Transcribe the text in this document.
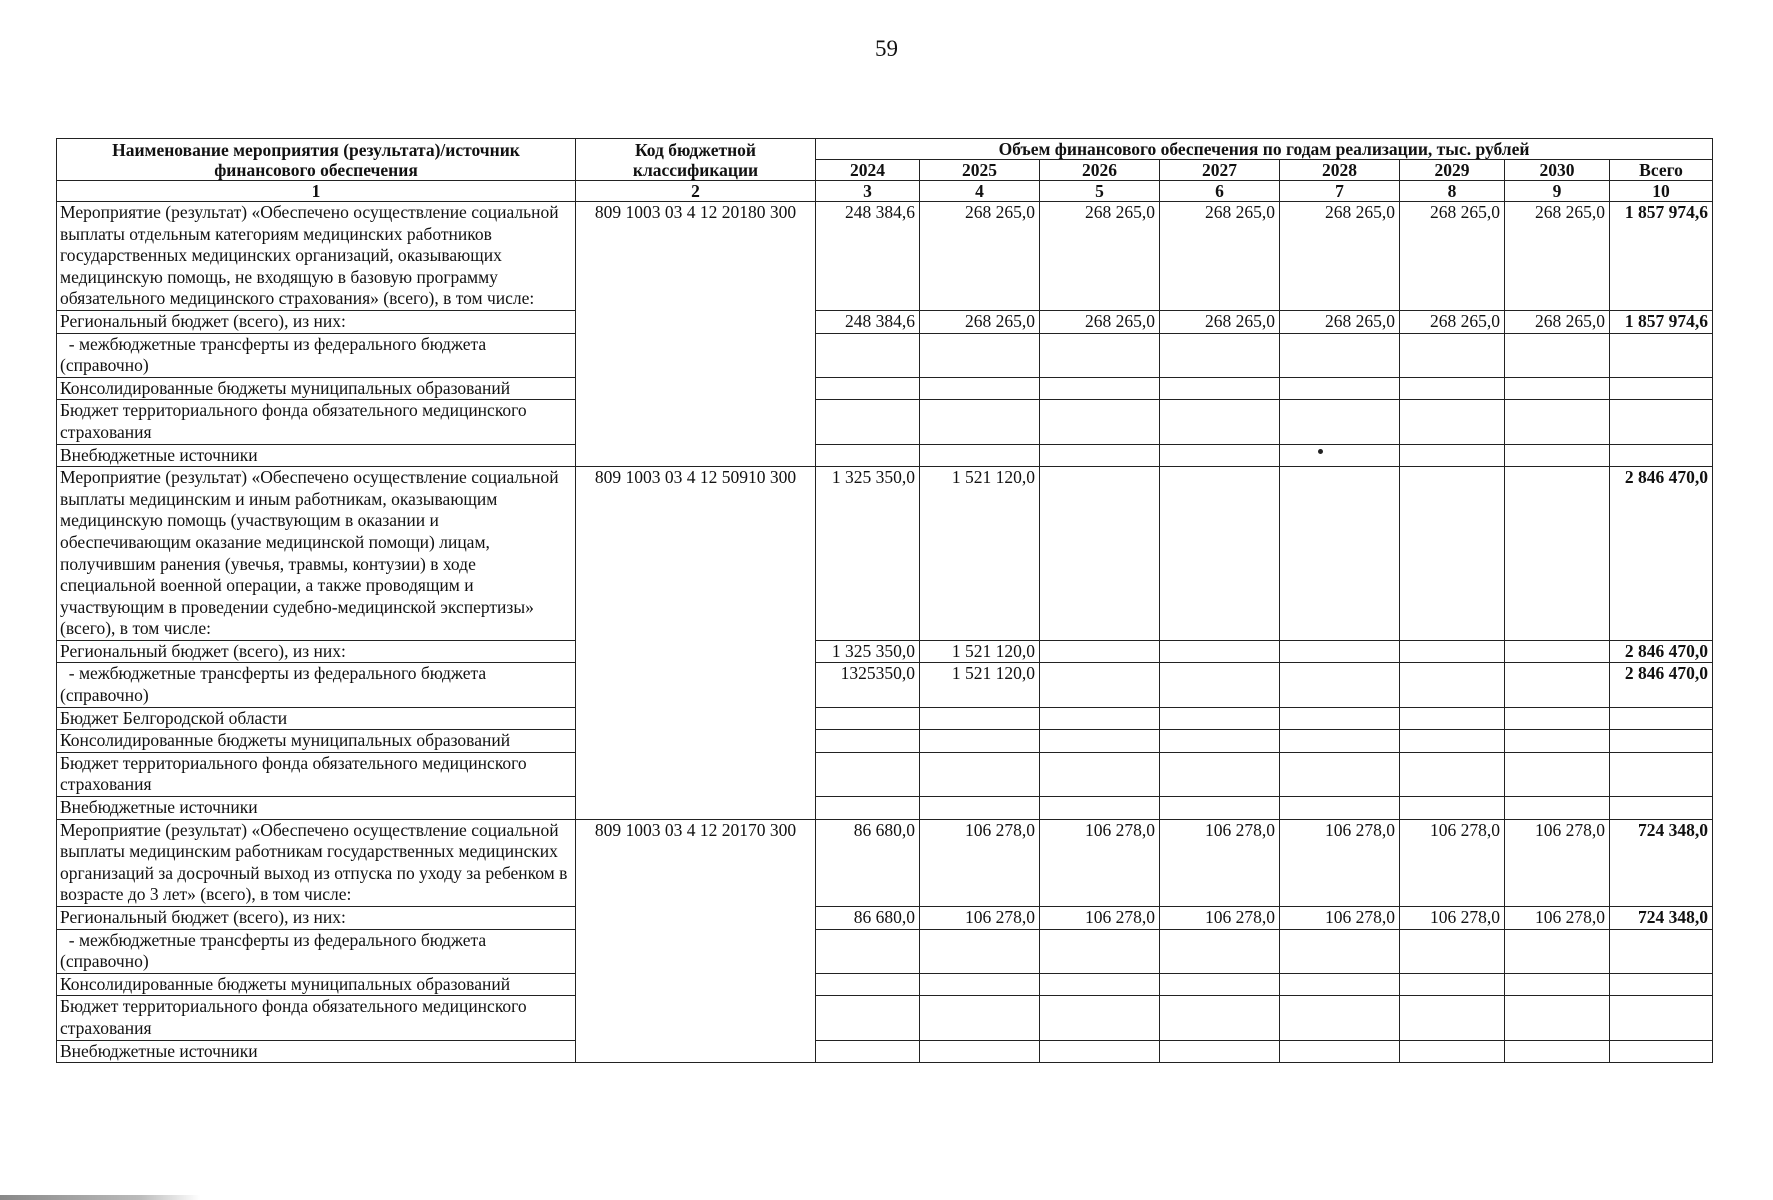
59
Наименование мероприятия (результата)/источник финансового обеспечения	Код бюджетной классификации	Объем финансового обеспечения по годам реализации, тыс. рублей							
		2024	2025	2026	2027	2028	2029	2030	Всего
1	2	3	4	5	6	7	8	9	10
Мероприятие (результат) «Обеспечено осуществление социальной выплаты отдельным категориям медицинских работников государственных медицинских организаций, оказывающих медицинскую помощь, не входящую в базовую программу обязательного медицинского страхования» (всего), в том числе:	809 1003 03 4 12 20180 300	248 384,6	268 265,0	268 265,0	268 265,0	268 265,0	268 265,0	268 265,0	1 857 974,6
Региональный бюджет (всего), из них:		248 384,6	268 265,0	268 265,0	268 265,0	268 265,0	268 265,0	268 265,0	1 857 974,6
- межбюджетные трансферты из федерального бюджета (справочно)									
Консолидированные бюджеты муниципальных образований									
Бюджет территориального фонда обязательного медицинского страхования									
Внебюджетные источники									
Мероприятие (результат) «Обеспечено осуществление социальной выплаты медицинским и иным работникам, оказывающим медицинскую помощь (участвующим в оказании и обеспечивающим оказание медицинской помощи) лицам, получившим ранения (увечья, травмы, контузии) в ходе специальной военной операции, а также проводящим и участвующим в проведении судебно-медицинской экспертизы» (всего), в том числе:	809 1003 03 4 12 50910 300	1 325 350,0	1 521 120,0						2 846 470,0
Региональный бюджет (всего), из них:		1 325 350,0	1 521 120,0						2 846 470,0
- межбюджетные трансферты из федерального бюджета (справочно)		1325350,0	1 521 120,0						2 846 470,0
Бюджет Белгородской области									
Консолидированные бюджеты муниципальных образований									
Бюджет территориального фонда обязательного медицинского страхования									
Внебюджетные источники									
Мероприятие (результат) «Обеспечено осуществление социальной выплаты медицинским работникам государственных медицинских организаций за досрочный выход из отпуска по уходу за ребенком в возрасте до 3 лет» (всего), в том числе:	809 1003 03 4 12 20170 300	86 680,0	106 278,0	106 278,0	106 278,0	106 278,0	106 278,0	106 278,0	724 348,0
Региональный бюджет (всего), из них:		86 680,0	106 278,0	106 278,0	106 278,0	106 278,0	106 278,0	106 278,0	724 348,0
- межбюджетные трансферты из федерального бюджета (справочно)									
Консолидированные бюджеты муниципальных образований									
Бюджет территориального фонда обязательного медицинского страхования									
Внебюджетные источники									
